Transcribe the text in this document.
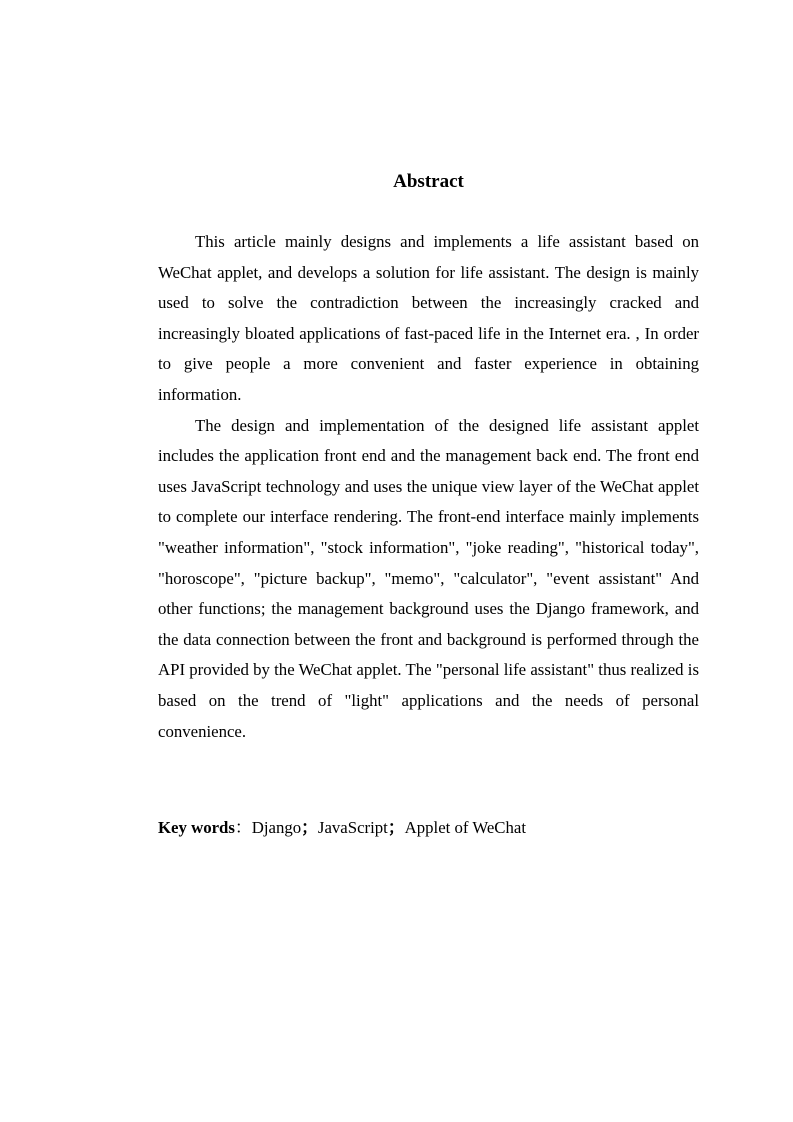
Abstract

This article mainly designs and implements a life assistant based on WeChat applet, and develops a solution for life assistant. The design is mainly used to solve the contradiction between the increasingly cracked and increasingly bloated applications of fast-paced life in the Internet era. , In order to give people a more convenient and faster experience in obtaining information.

The design and implementation of the designed life assistant applet includes the application front end and the management back end. The front end uses JavaScript technology and uses the unique view layer of the WeChat applet to complete our interface rendering. The front-end interface mainly implements "weather information", "stock information", "joke reading", "historical today", "horoscope", "picture backup", "memo", "calculator", "event assistant" And other functions; the management background uses the Django framework, and the data connection between the front and background is performed through the API provided by the WeChat applet. The "personal life assistant" thus realized is based on the trend of "light" applications and the needs of personal convenience.

Key words：Django；JavaScript；Applet of WeChat
